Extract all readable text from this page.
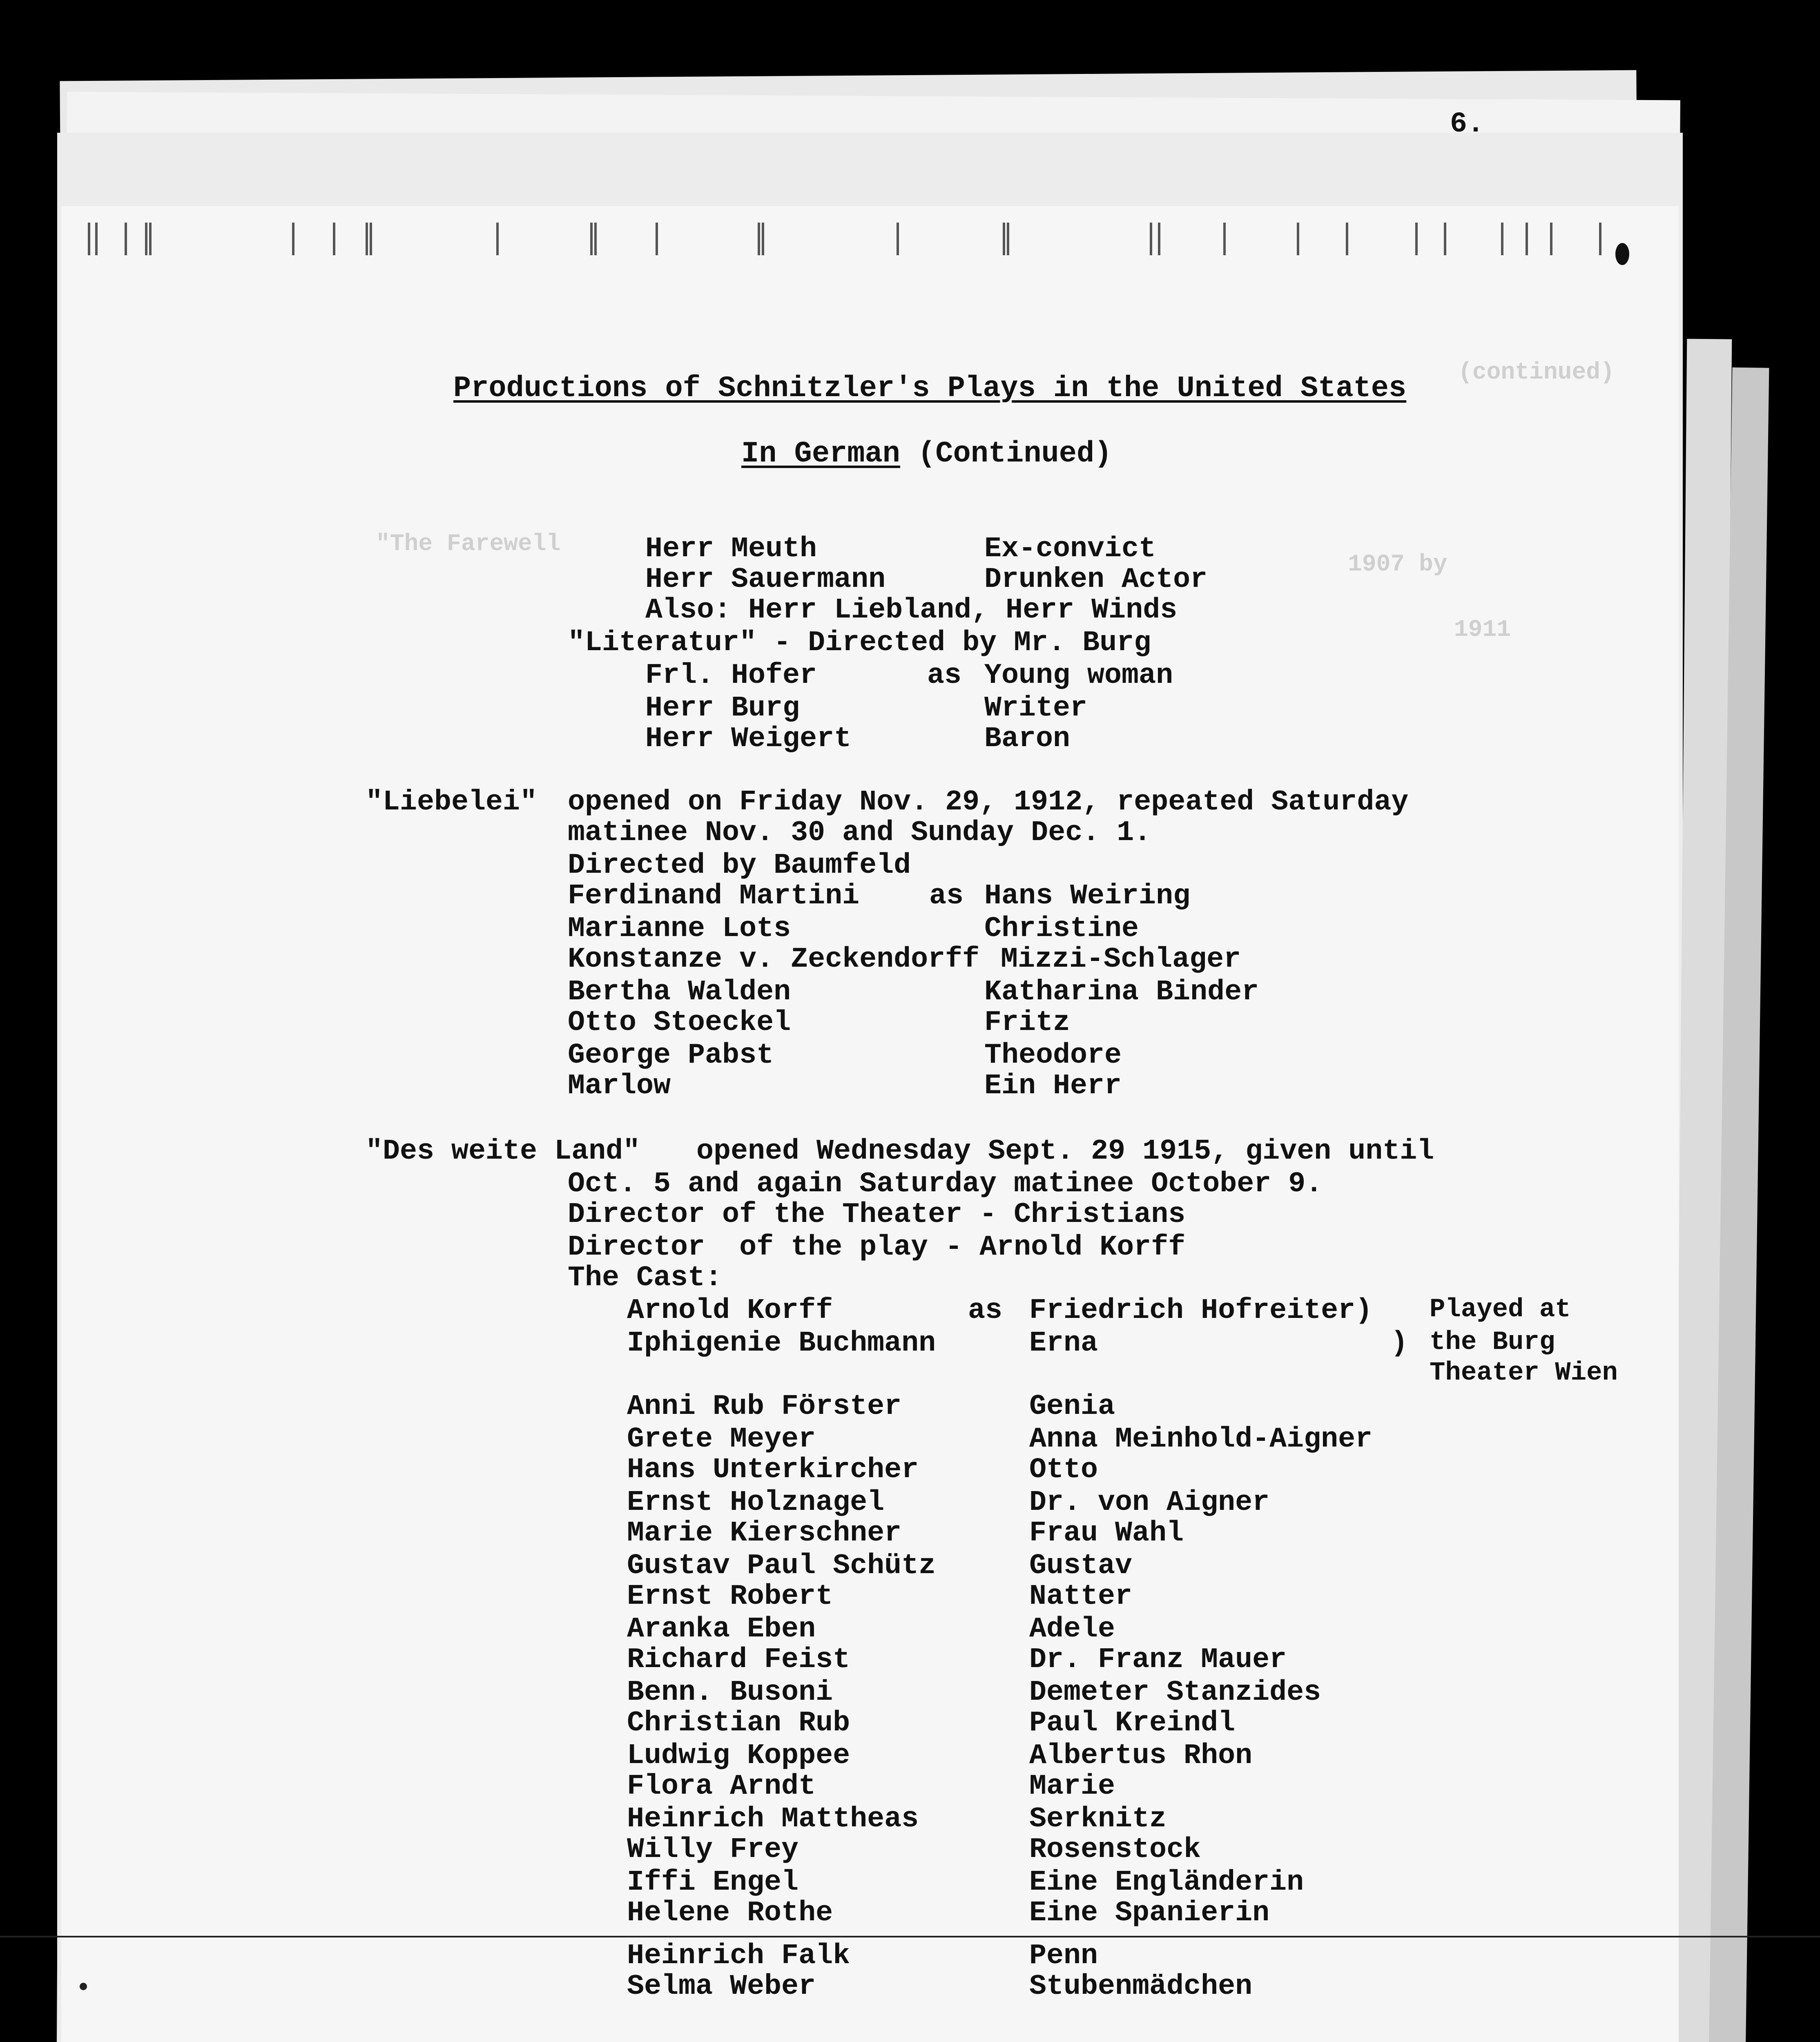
6.
(continued)
"The Farewell
1907 by
1911
Productions of Schnitzler's Plays in the United States
In German (Continued)
Herr Meuth	Ex-convict
Herr Sauermann	Drunken Actor
Also: Herr Liebland, Herr Winds
"Literatur" - Directed by Mr. Burg
Frl. Hofer	as Young woman
Herr Burg	Writer
Herr Weigert	Baron
"Liebelei" opened on Friday Nov. 29, 1912, repeated Saturday
matinee Nov. 30 and Sunday Dec. 1.
Directed by Baumfeld
Ferdinand Martini as Hans Weiring
Marianne Lots	Christine
Konstanze v. Zeckendorff Mizzi-Schlager
Bertha Walden	Katharina Binder
Otto Stoeckel	Fritz
George Pabst	Theodore
Marlow	Ein Herr
"Des weite Land" opened Wednesday Sept. 29 1915, given until
Oct. 5 and again Saturday matinee October 9.
Director of the Theater - Christians
Director  of the play - Arnold Korff
The Cast:
Arnold Korff	as Friedrich Hofreiter)
Iphigenie Buchmann	Erna	)
Played at
the Burg
Theater Wien
Anni Rub Förster	Genia
Grete Meyer	Anna Meinhold-Aigner
Hans Unterkircher	Otto
Ernst Holznagel	Dr. von Aigner
Marie Kierschner	Frau Wahl
Gustav Paul Schütz	Gustav
Ernst Robert	Natter
Aranka Eben	Adele
Richard Feist	Dr. Franz Mauer
Benn. Busoni	Demeter Stanzides
Christian Rub	Paul Kreindl
Ludwig Koppee	Albertus Rhon
Flora Arndt	Marie
Heinrich Mattheas	Serknitz
Willy Frey	Rosenstock
Iffi Engel	Eine Engländerin
Helene Rothe	Eine Spanierin
Heinrich Falk	Penn
Selma Weber	Stubenmädchen
